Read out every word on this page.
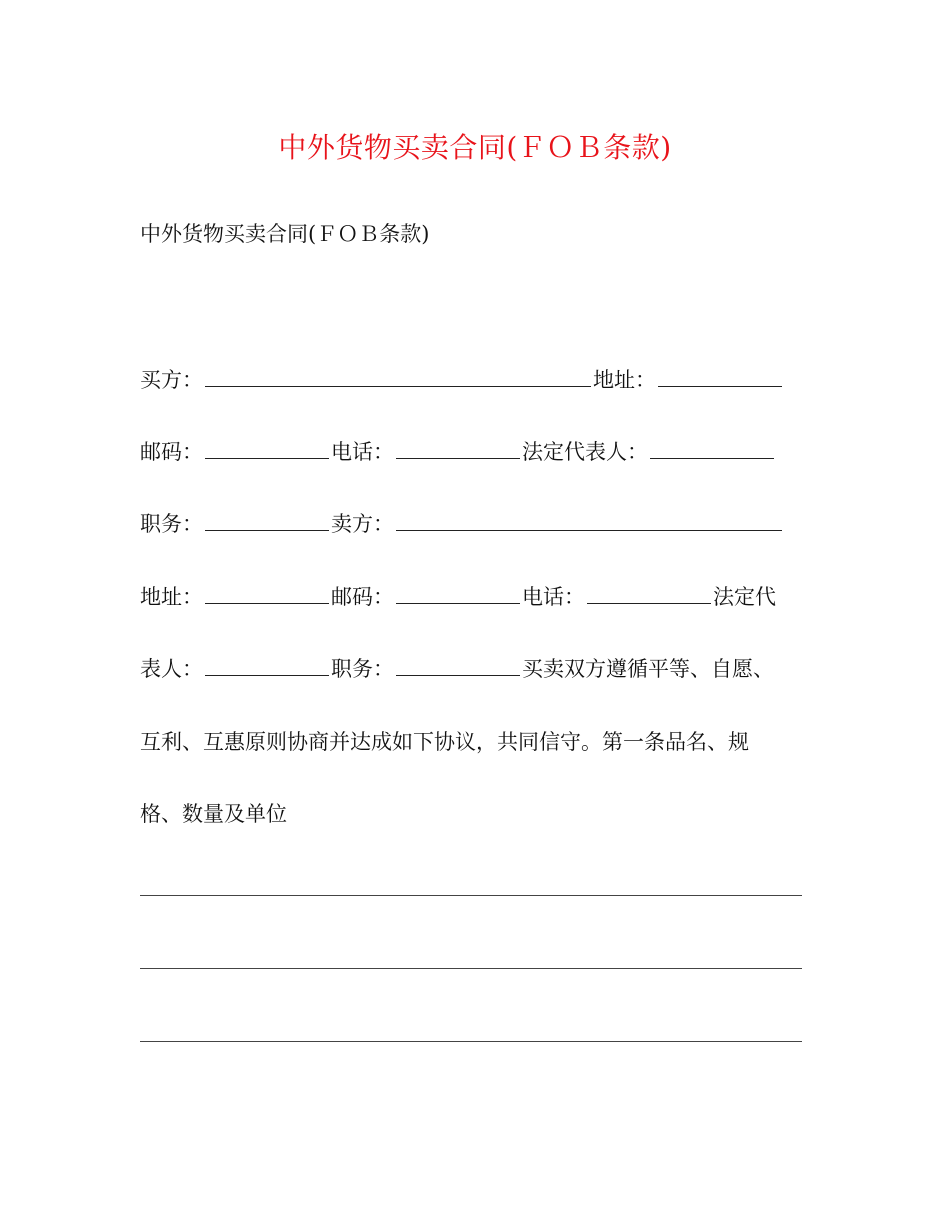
中外货物买卖合同(ＦＯＢ条款)
中外货物买卖合同(ＦＯＢ条款)
买方：	地址：
邮码：	电话：	法定代表人：
职务：	卖方：
地址：	邮码：	电话：	法定代
表人：	职务：	买卖双方遵循平等、自愿、
互利、互惠原则协商并达成如下协议，共同信守。第一条品名、规
格、数量及单位
